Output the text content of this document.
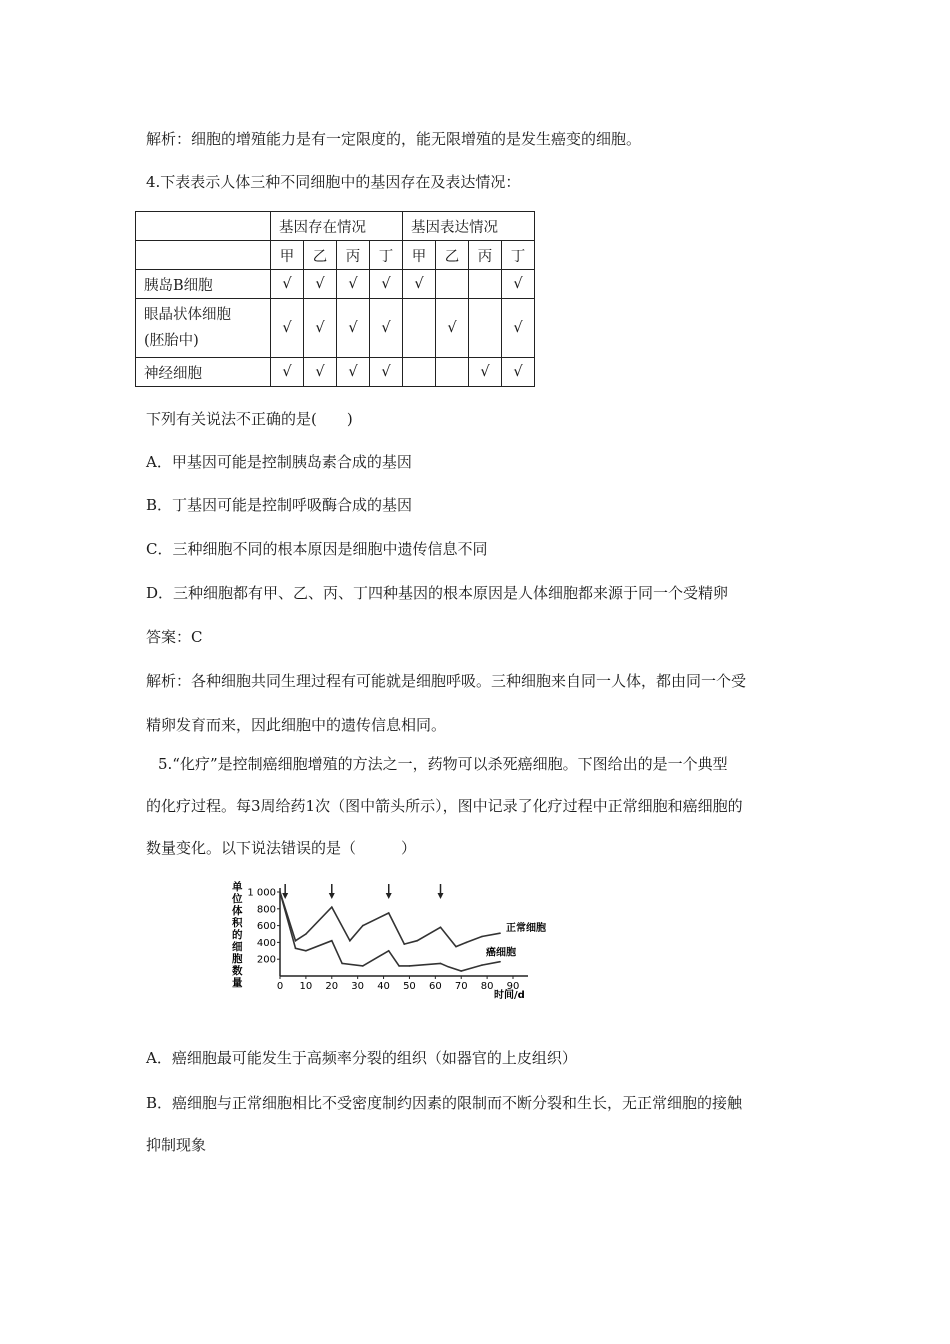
解析：细胞的增殖能力是有一定限度的，能无限增殖的是发生癌变的细胞。
4.下表表示人体三种不同细胞中的基因存在及表达情况：
	基因存在情况				基因表达情况			
	甲	乙	丙	丁	甲	乙	丙	丁
胰岛B细胞	√	√	√	√	√			√

眼晶状体细胞
(胚胎中)	√	√	√	√		√		√
神经细胞	√	√	√	√			√	√
下列有关说法不正确的是(　　)
A．甲基因可能是控制胰岛素合成的基因
B．丁基因可能是控制呼吸酶合成的基因
C．三种细胞不同的根本原因是细胞中遗传信息不同
D．三种细胞都有甲、乙、丙、丁四种基因的根本原因是人体细胞都来源于同一个受精卵
答案：C
解析：各种细胞共同生理过程有可能就是细胞呼吸。三种细胞来自同一人体，都由同一个受
精卵发育而来，因此细胞中的遗传信息相同。
5.“化疗”是控制癌细胞增殖的方法之一，药物可以杀死癌细胞。下图给出的是一个典型
的化疗过程。每3周给药1次（图中箭头所示），图中记录了化疗过程中正常细胞和癌细胞的
数量变化。以下说法错误的是（　　　）
单
位
体
积
的
细
胞
数
量
200
400
600
800
1 000
0 10 20 30 40 50 60 70 80 90
正常细胞
癌细胞
时间/d
A．癌细胞最可能发生于高频率分裂的组织（如器官的上皮组织）
B．癌细胞与正常细胞相比不受密度制约因素的限制而不断分裂和生长，无正常细胞的接触
抑制现象
